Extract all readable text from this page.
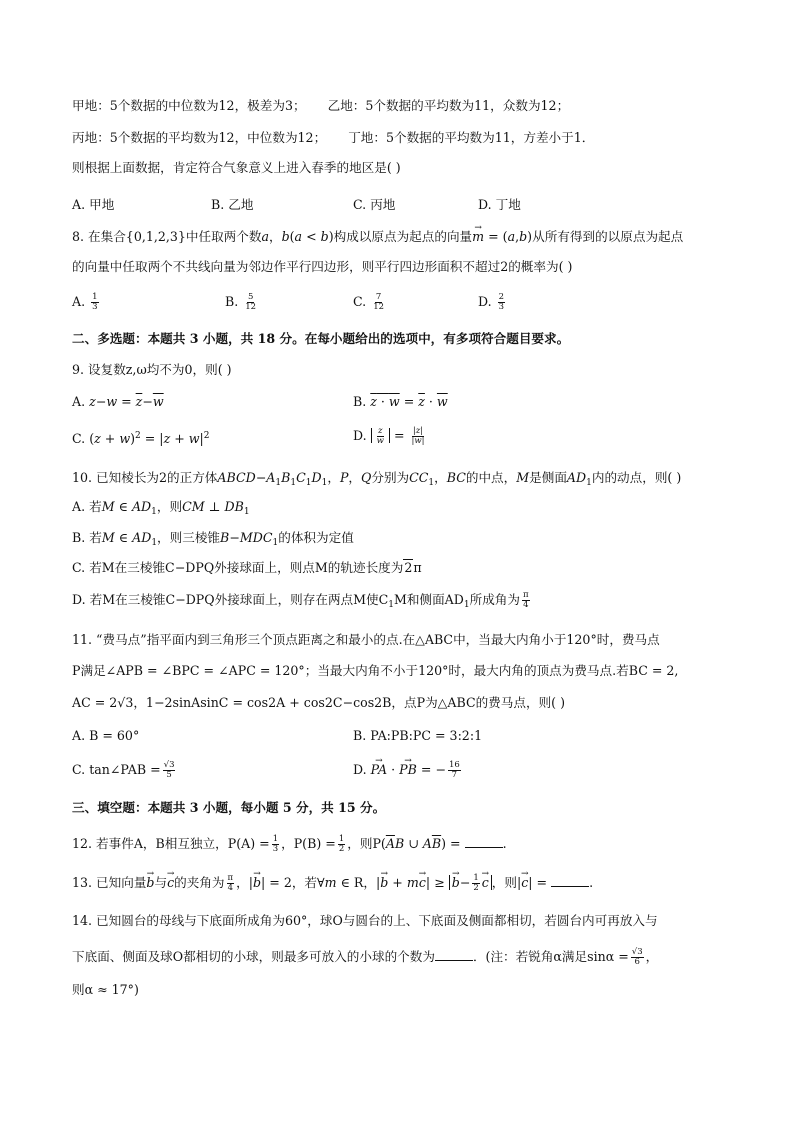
甲地：5个数据的中位数为12，极差为3； 乙地：5个数据的平均数为11，众数为12；
丙地：5个数据的平均数为12，中位数为12； 丁地：5个数据的平均数为11，方差小于1．
则根据上面数据，肯定符合气象意义上进入春季的地区是( )
A. 甲地	B. 乙地	C. 丙地	D. 丁地
8. 在集合{0,1,2,3}中任取两个数a，b(a < b)构成以原点为起点的向量→ m = (a,b)从所有得到的以原点为起点
的向量中任取两个不共线向量为邻边作平行四边形，则平行四边形面积不超过2的概率为( )
A. $\frac{1}{3}$	B. $\frac{5}{12}$	C. $\frac{7}{12}$	D. $\frac{2}{3}$
二、多选题：本题共 3 小题，共 18 分。在每小题给出的选项中，有多项符合题目要求。
9. 设复数z,ω均不为0，则( )
A. $z-w = \overline{z}-\overline{w}$	B. $z \cdot w = \overline{z} \cdot \overline{w}$
C. $(z + w)^2 = |z + w|^2$	D. $\frac{z}{w} = \frac{|z|}{|w|}$
10. 已知棱长为2的正方体$ABCD-A_1B_1C_1D_1$，P，Q分别为$CC_1$，BC的中点，M是侧面$AD_1$内的动点，则( )
A. 若M ∈ $AD_1$，则CM ⊥ $DB_1$
B. 若M ∈ $AD_1$，则三棱锥$B-MDC_1$的体积为定值
C. 若M在三棱锥C−DPQ外接球面上，则点M的轨迹长度为2π
D. 若M在三棱锥C−DPQ外接球面上，则存在两点M使$C_1M$和侧面$AD_1$所成角为 $\frac{\pi}{4}$
11. “费马点”指平面内到三角形三个顶点距离之和最小的点.在△ABC中，当最大内角小于120°时，费马点
P满足∠APB = ∠BPC = ∠APC = 120°；当最大内角不小于120°时，最大内角的顶点为费马点.若BC = 2,
AC = 2√3，1−2sinAsinC = cos2A + cos2C−cos2B，点P为△ABC的费马点，则( )
A. B = 60°	B. PA:PB:PC = 3:2:1
C. tan∠PAB = $\frac{√3}{5}$	D. → PA · → PB = − $\frac{16}{7}$
三、填空题：本题共 3 小题，每小题 5 分，共 15 分。
12. 若事件A，B相互独立，$P(A) = \frac{1}{3}$ ，$P(B) = \frac{1}{2}$ ，则$P(\overline{A}B$ ∪ $A\overline{B}$) =	.
13. 已知向量→ b与→ c的夹角为 $\frac{\pi}{4}$ ，|→ b| = 2，若∀m ∈ R，|→ b + m→ c| ≥ → $b- \frac{1}{2} \to c$ ，则|→ c| =	.
14. 已知圆台的母线与下底面所成角为60°，球O与圆台的上、下底面及侧面都相切，若圆台内可再放入与
下底面、侧面及球O都相切的小球，则最多可放入的小球的个数为	．(注：若锐角α满足$\sin\alpha = \frac{√3}{6}$ ，
则α ≈ 17°)
